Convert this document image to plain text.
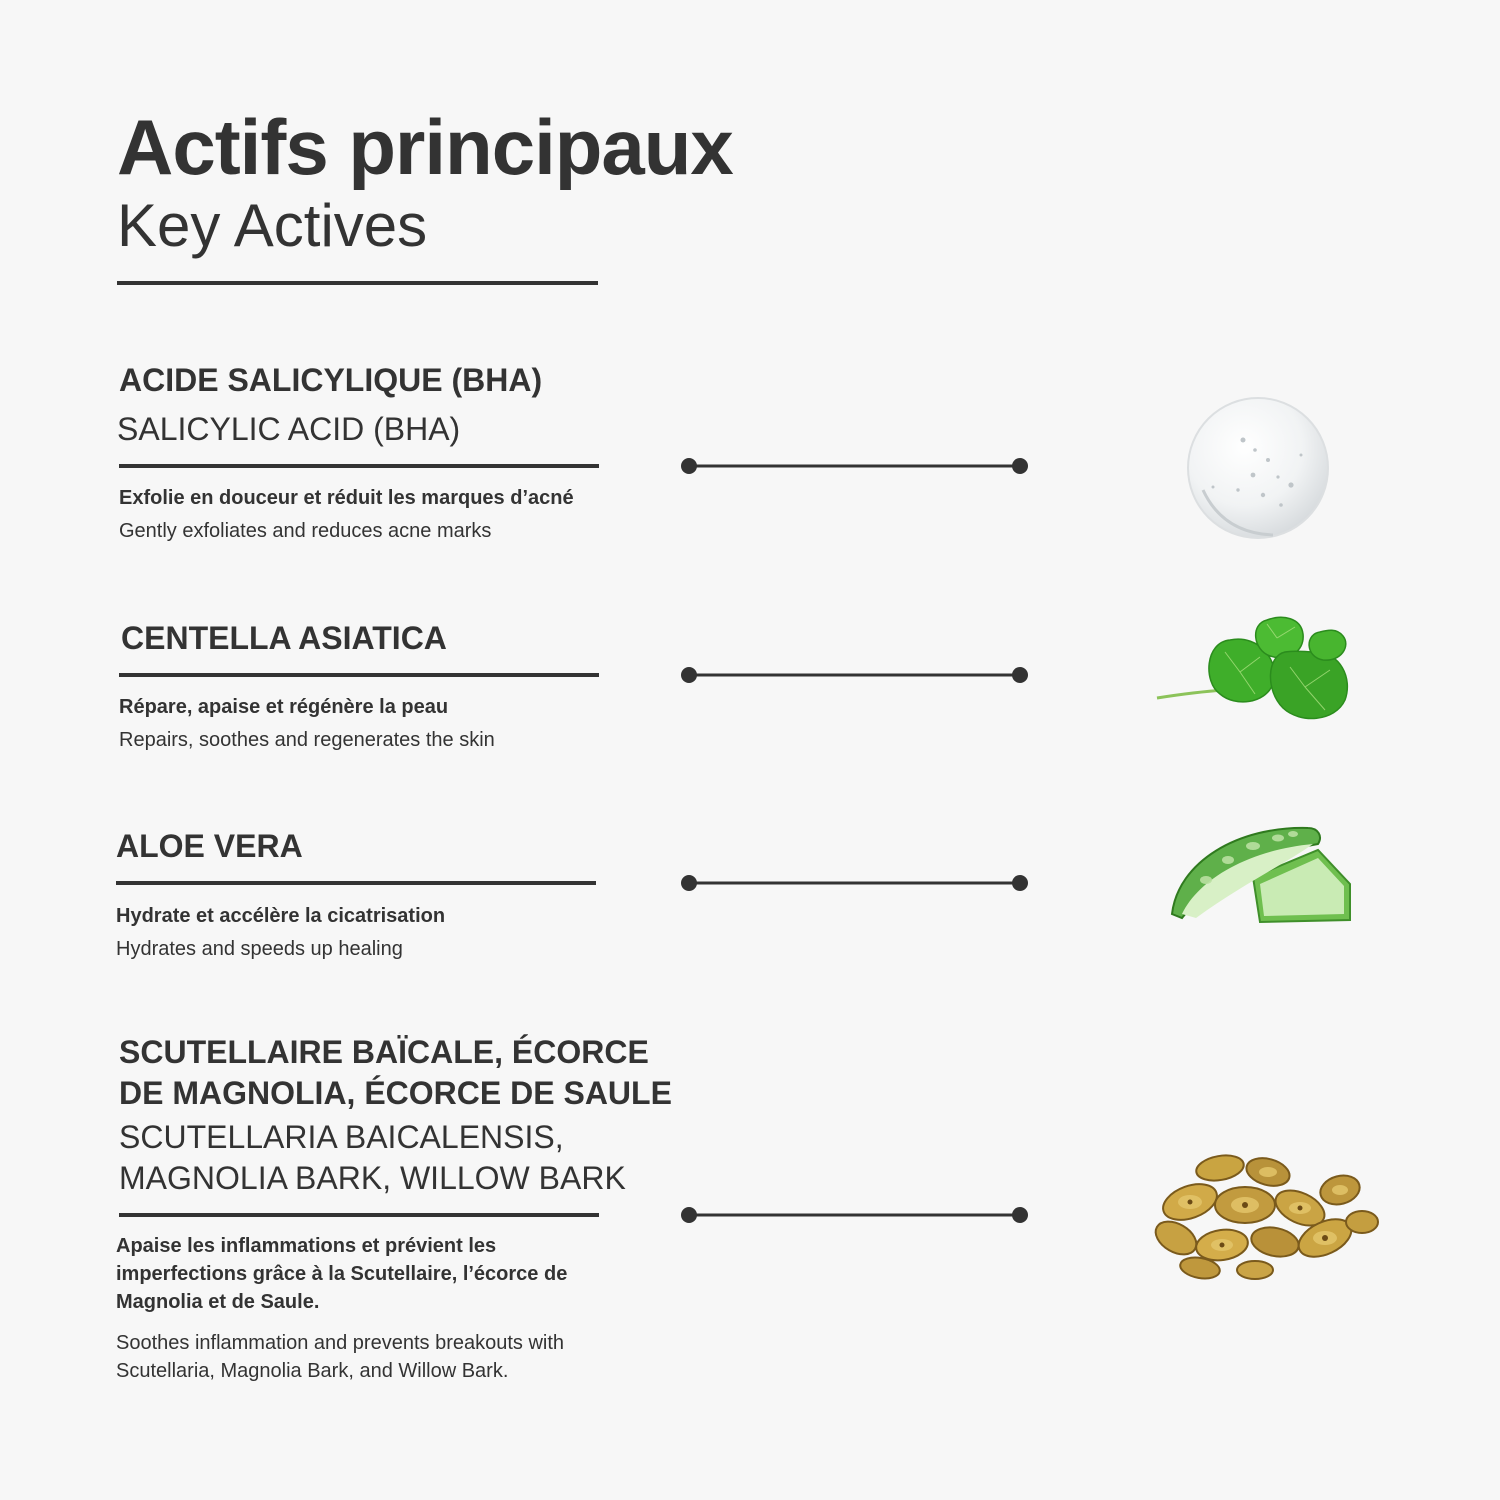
Actifs principaux
Key Actives
ACIDE SALICYLIQUE (BHA)
SALICYLIC ACID (BHA)

Exfolie en douceur et réduit les marques d’acné

Gently exfoliates and reduces acne marks

CENTELLA ASIATICA

Répare, apaise et régénère la peau

Repairs, soothes and regenerates the skin

ALOE VERA

Hydrate et accélère la cicatrisation

Hydrates and speeds up healing

SCUTELLAIRE BAÏCALE, ÉCORCE
DE MAGNOLIA, ÉCORCE DE SAULE
SCUTELLARIA BAICALENSIS,
MAGNOLIA BARK, WILLOW BARK

Apaise les inflammations et prévient les

imperfections grâce à la Scutellaire, l’écorce de

Magnolia et de Saule.

Soothes inflammation and prevents breakouts with

Scutellaria, Magnolia Bark, and Willow Bark.
